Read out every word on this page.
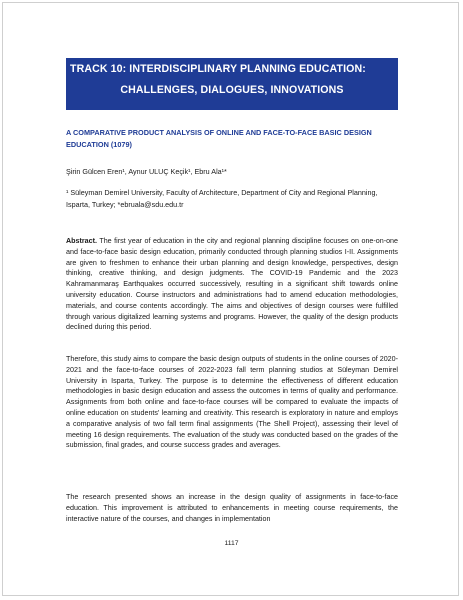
TRACK 10: INTERDISCIPLINARY PLANNING EDUCATION:
CHALLENGES, DIALOGUES, INNOVATIONS
A COMPARATIVE PRODUCT ANALYSIS OF ONLINE AND FACE-TO-FACE BASIC DESIGN EDUCATION (1079)
Şirin Gülcen Eren¹, Aynur ULUÇ Keçik¹, Ebru Ala¹*
¹ Süleyman Demirel University, Faculty of Architecture, Department of City and Regional Planning, Isparta, Turkey; *ebruala@sdu.edu.tr
Abstract. The first year of education in the city and regional planning discipline focuses on one-on-one and face-to-face basic design education, primarily conducted through planning studios I-II. Assignments are given to freshmen to enhance their urban planning and design knowledge, perspectives, design thinking, creative thinking, and design judgments. The COVID-19 Pandemic and the 2023 Kahramanmaraş Earthquakes occurred successively, resulting in a significant shift towards online university education. Course instructors and administrations had to amend education methodologies, materials, and course contents accordingly. The aims and objectives of design courses were fulfilled through various digitalized learning systems and programs. However, the quality of the design products declined during this period.
Therefore, this study aims to compare the basic design outputs of students in the online courses of 2020-2021 and the face-to-face courses of 2022-2023 fall term planning studios at Süleyman Demirel University in Isparta, Turkey. The purpose is to determine the effectiveness of different education methodologies in basic design education and assess the outcomes in terms of quality and performance. Assignments from both online and face-to-face courses will be compared to evaluate the impacts of online education on students' learning and creativity. This research is exploratory in nature and employs a comparative analysis of two fall term final assignments (The Shell Project), assessing their level of meeting 16 design requirements. The evaluation of the study was conducted based on the grades of the submission, final grades, and course success grades and averages.
The research presented shows an increase in the design quality of assignments in face-to-face education. This improvement is attributed to enhancements in meeting course requirements, the interactive nature of the courses, and changes in implementation
1117
